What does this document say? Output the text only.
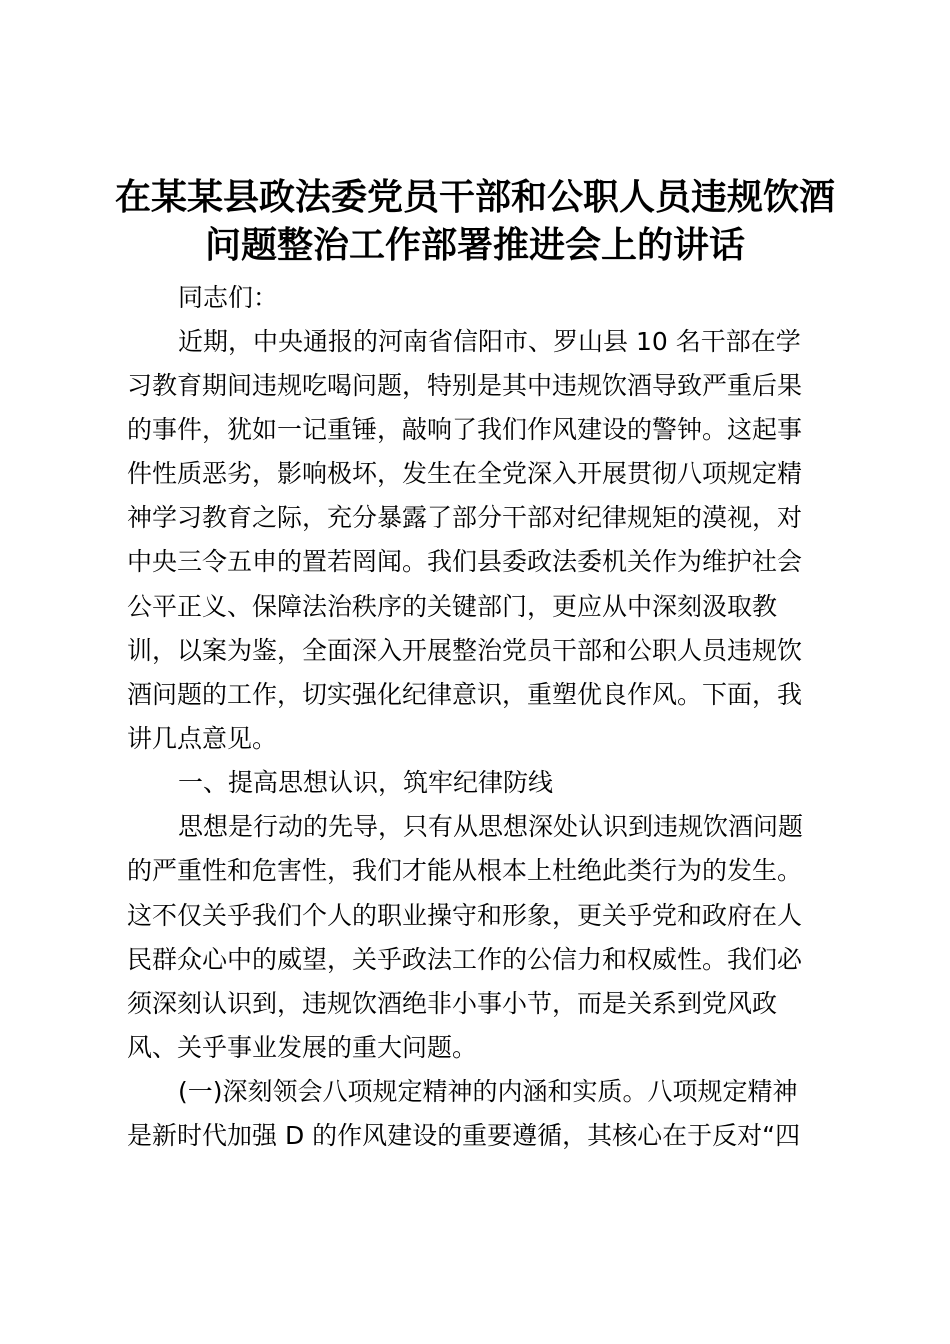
在某某县政法委党员干部和公职人员违规饮酒
问题整治工作部署推进会上的讲话

同志们：

近期，中央通报的河南省信阳市、罗山县 10 名干部在学

习教育期间违规吃喝问题，特别是其中违规饮酒导致严重后果

的事件，犹如一记重锤，敲响了我们作风建设的警钟。这起事

件性质恶劣，影响极坏，发生在全党深入开展贯彻八项规定精

神学习教育之际，充分暴露了部分干部对纪律规矩的漠视，对

中央三令五申的置若罔闻。我们县委政法委机关作为维护社会

公平正义、保障法治秩序的关键部门，更应从中深刻汲取教

训，以案为鉴，全面深入开展整治党员干部和公职人员违规饮

酒问题的工作，切实强化纪律意识，重塑优良作风。下面，我

讲几点意见。

一、提高思想认识，筑牢纪律防线

思想是行动的先导，只有从思想深处认识到违规饮酒问题

的严重性和危害性，我们才能从根本上杜绝此类行为的发生。

这不仅关乎我们个人的职业操守和形象，更关乎党和政府在人

民群众心中的威望，关乎政法工作的公信力和权威性。我们必

须深刻认识到，违规饮酒绝非小事小节，而是关系到党风政

风、关乎事业发展的重大问题。

(一)深刻领会八项规定精神的内涵和实质。八项规定精神

是新时代加强 D 的作风建设的重要遵循，其核心在于反对“四
